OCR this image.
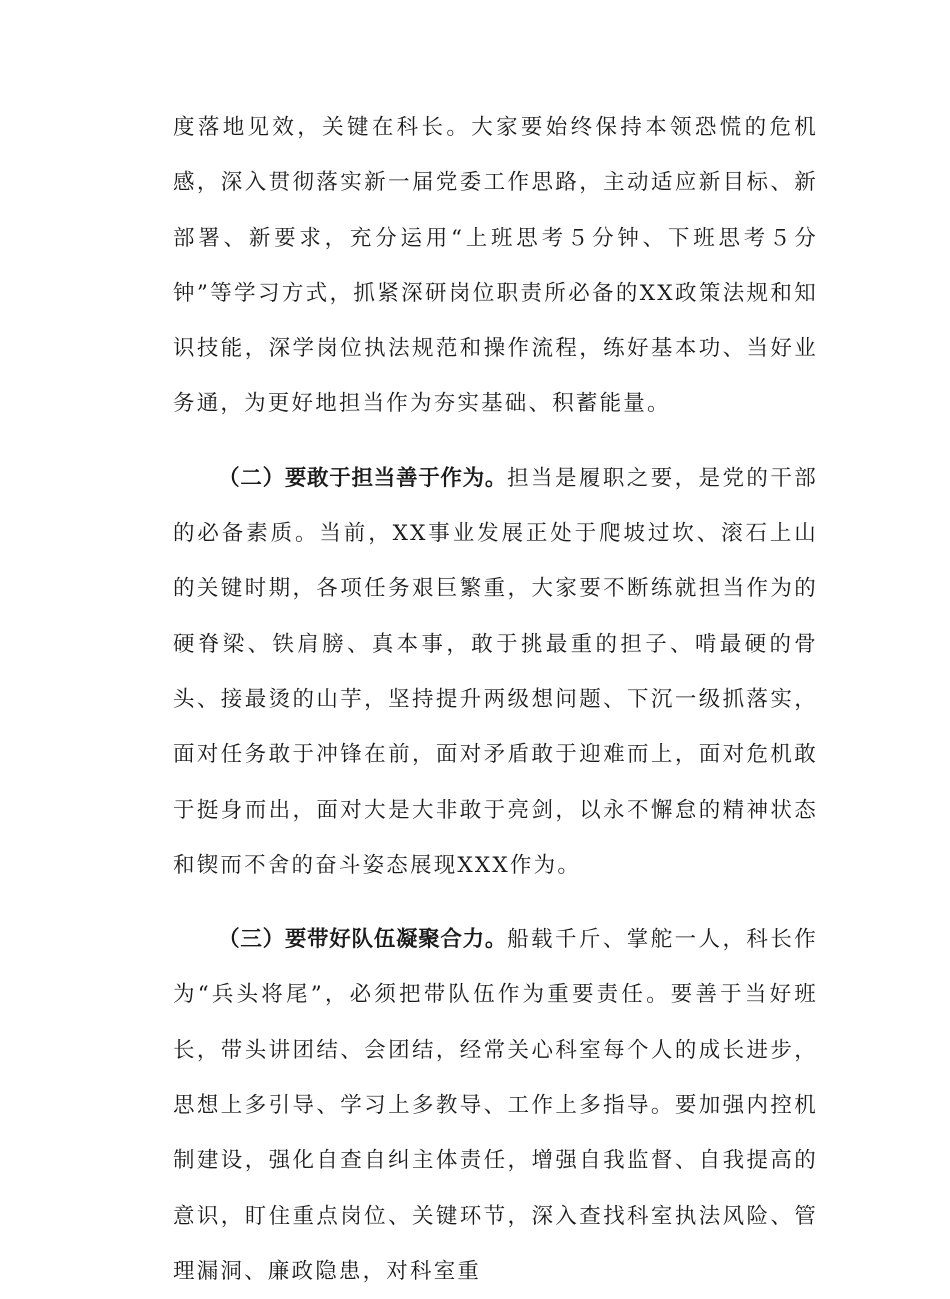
度落地见效，关键在科长。大家要始终保持本领恐慌的危机感，深入贯彻落实新一届党委工作思路，主动适应新目标、新部署、新要求，充分运用“上班思考５分钟、下班思考５分钟”等学习方式，抓紧深研岗位职责所必备的XX政策法规和知识技能，深学岗位执法规范和操作流程，练好基本功、当好业务通，为更好地担当作为夯实基础、积蓄能量。

（二）要敢于担当善于作为。担当是履职之要，是党的干部的必备素质。当前，XX事业发展正处于爬坡过坎、滚石上山的关键时期，各项任务艰巨繁重，大家要不断练就担当作为的硬脊梁、铁肩膀、真本事，敢于挑最重的担子、啃最硬的骨头、接最烫的山芋，坚持提升两级想问题、下沉一级抓落实，面对任务敢于冲锋在前，面对矛盾敢于迎难而上，面对危机敢于挺身而出，面对大是大非敢于亮剑，以永不懈怠的精神状态和锲而不舍的奋斗姿态展现XXX作为。

（三）要带好队伍凝聚合力。船载千斤、掌舵一人，科长作为“兵头将尾”，必须把带队伍作为重要责任。要善于当好班长，带头讲团结、会团结，经常关心科室每个人的成长进步，思想上多引导、学习上多教导、工作上多指导。要加强内控机制建设，强化自查自纠主体责任，增强自我监督、自我提高的意识，盯住重点岗位、关键环节，深入查找科室执法风险、管理漏洞、廉政隐患，对科室重
